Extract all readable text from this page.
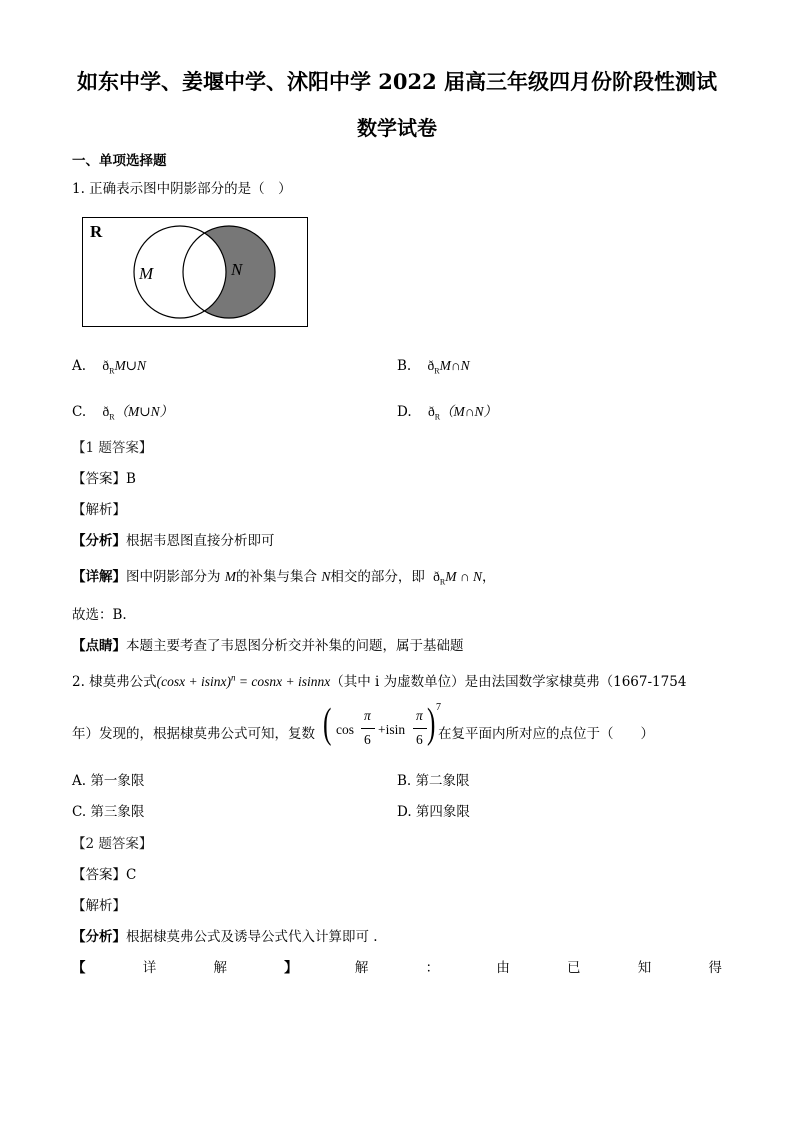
如东中学、姜堰中学、沭阳中学 2022 届高三年级四月份阶段性测试
数学试卷
一、单项选择题
1. 正确表示图中阴影部分的是（　）
R
M	N
A. $ð_RM\cup N$	B. $ð_RM\cap N$
C. $ð_R(M\cup N)$	D. $ð_R(M\cap N)$
【1 题答案】
【答案】B
【解析】
【分析】根据韦恩图直接分析即可
【详解】图中阴影部分为 M的补集与集合 N相交的部分，即 $ð_RM$ ∩ N，
故选：B.
【点睛】本题主要考查了韦恩图分析交并补集的问题，属于基础题
2. 棣莫弗公式$(\cos x + isinx)^n$ = cosnx + isinnx（其中 i 为虚数单位）是由法国数学家棣莫弗（1667-1754
年）发现的，根据棣莫弗公式可知，复数 ( cos
π
6
+isin
π
6 ) 7
在复平面内所对应的点位于（　　）
A. 第一象限	B. 第二象限
C. 第三象限	D. 第四象限
【2 题答案】
【答案】C
【解析】
【分析】根据棣莫弗公式及诱导公式代入计算即可 .
【	详	解	】	解	：	由	已	知	得
